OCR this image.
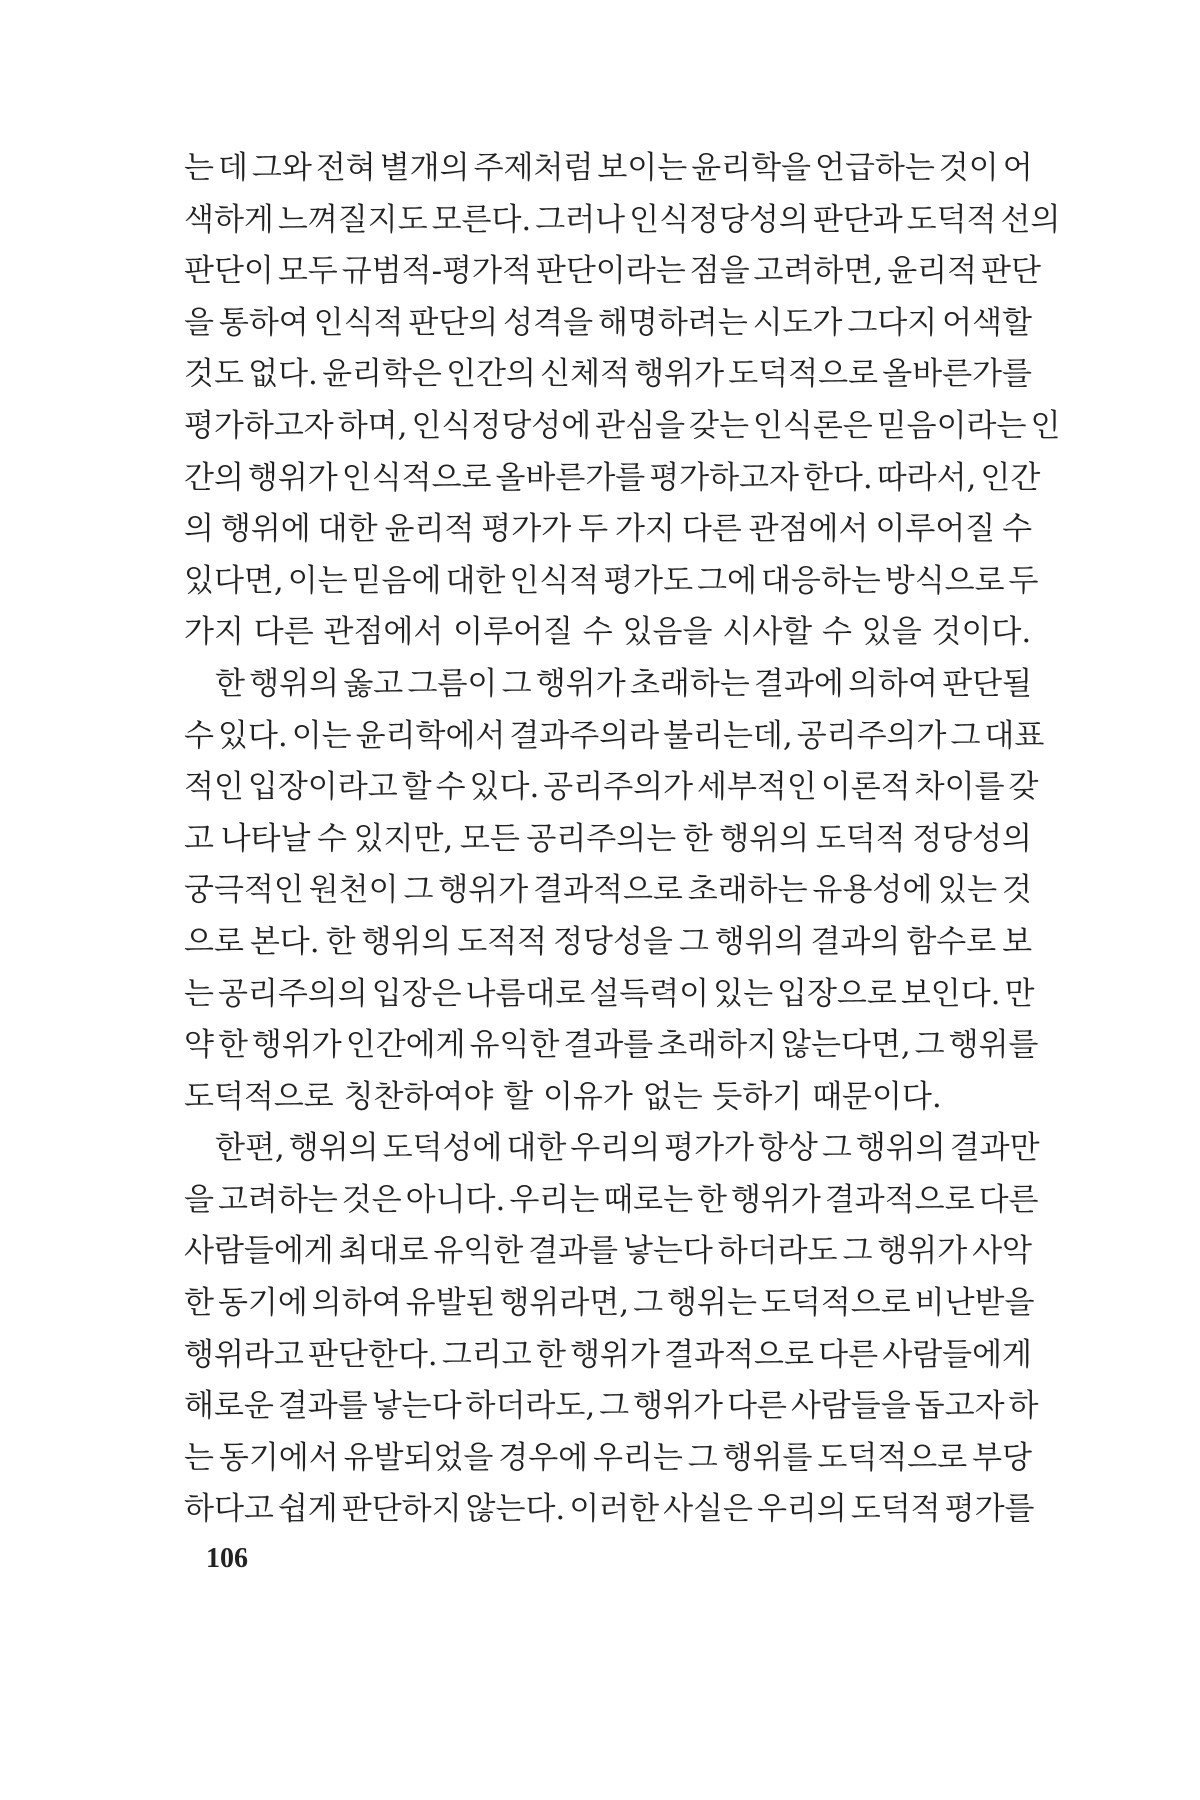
는 데 그와 전혀 별개의 주제처럼 보이는 윤리학을 언급하는 것이 어
색하게 느껴질지도 모른다. 그러나 인식정당성의 판단과 도덕적 선의
판단이 모두 규범적-평가적 판단이라는 점을 고려하면, 윤리적 판단
을 통하여 인식적 판단의 성격을 해명하려는 시도가 그다지 어색할
것도 없다. 윤리학은 인간의 신체적 행위가 도덕적으로 올바른가를
평가하고자 하며, 인식정당성에 관심을 갖는 인식론은 믿음이라는 인
간의 행위가 인식적으로 올바른가를 평가하고자 한다. 따라서, 인간
의 행위에 대한 윤리적 평가가 두 가지 다른 관점에서 이루어질 수
있다면, 이는 믿음에 대한 인식적 평가도 그에 대응하는 방식으로 두
가지 다른 관점에서 이루어질 수 있음을 시사할 수 있을 것이다.
한 행위의 옳고 그름이 그 행위가 초래하는 결과에 의하여 판단될
수 있다. 이는 윤리학에서 결과주의라 불리는데, 공리주의가 그 대표
적인 입장이라고 할 수 있다. 공리주의가 세부적인 이론적 차이를 갖
고 나타날 수 있지만, 모든 공리주의는 한 행위의 도덕적 정당성의
궁극적인 원천이 그 행위가 결과적으로 초래하는 유용성에 있는 것
으로 본다. 한 행위의 도적적 정당성을 그 행위의 결과의 함수로 보
는 공리주의의 입장은 나름대로 설득력이 있는 입장으로 보인다. 만
약 한 행위가 인간에게 유익한 결과를 초래하지 않는다면, 그 행위를
도덕적으로 칭찬하여야 할 이유가 없는 듯하기 때문이다.
한편, 행위의 도덕성에 대한 우리의 평가가 항상 그 행위의 결과만
을 고려하는 것은 아니다. 우리는 때로는 한 행위가 결과적으로 다른
사람들에게 최대로 유익한 결과를 낳는다 하더라도 그 행위가 사악
한 동기에 의하여 유발된 행위라면, 그 행위는 도덕적으로 비난받을
행위라고 판단한다. 그리고 한 행위가 결과적으로 다른 사람들에게
해로운 결과를 낳는다 하더라도, 그 행위가 다른 사람들을 돕고자 하
는 동기에서 유발되었을 경우에 우리는 그 행위를 도덕적으로 부당
하다고 쉽게 판단하지 않는다. 이러한 사실은 우리의 도덕적 평가를
106
